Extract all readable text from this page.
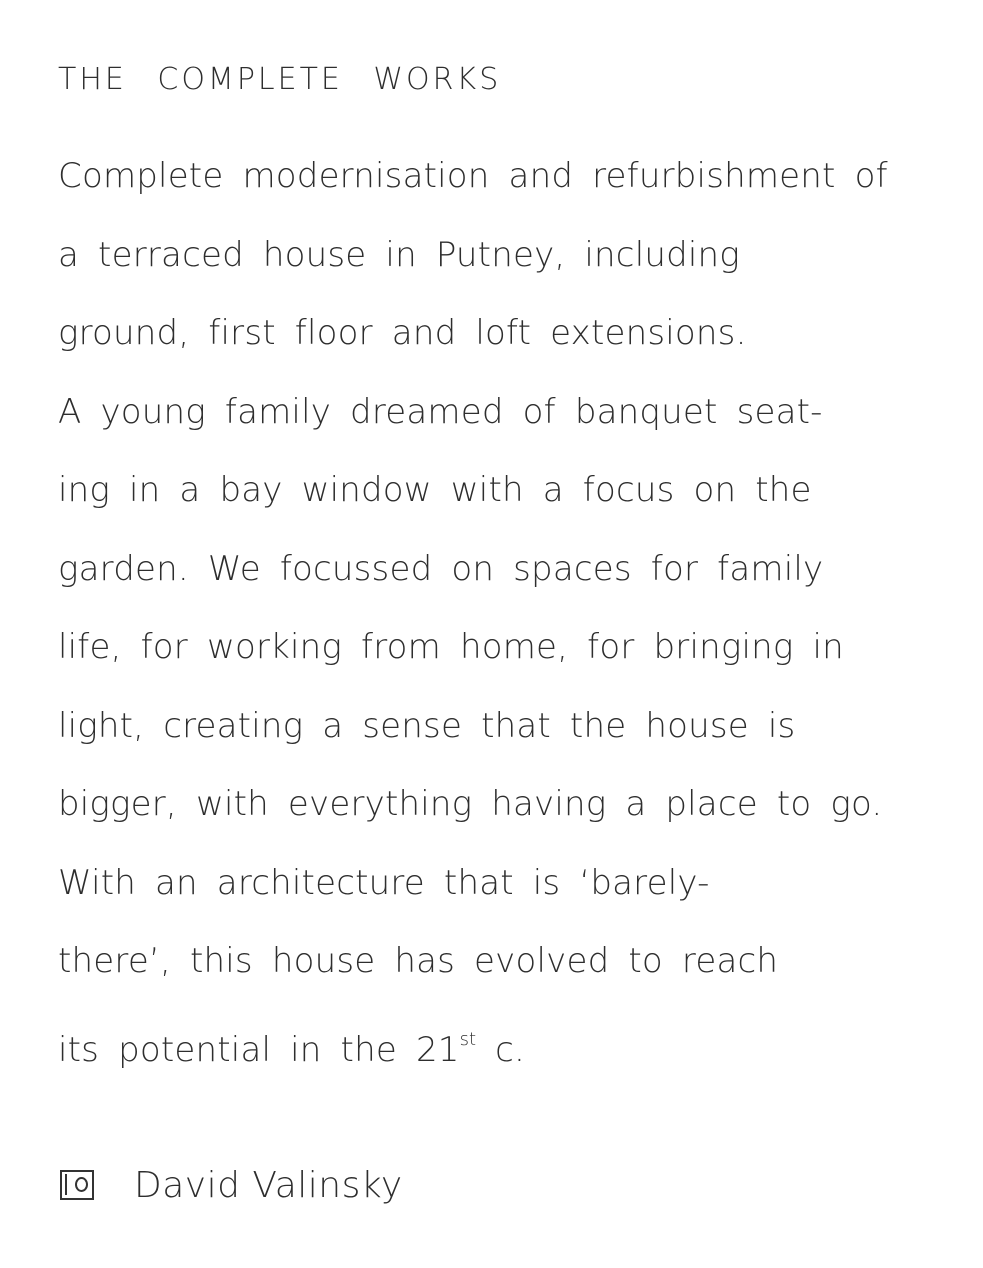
THE COMPLETE WORKS
Complete modernisation and refurbishment of
a terraced house in Putney, including
ground, first floor and loft extensions.
A young family dreamed of banquet seat-
ing in a bay window with a focus on the
garden. We focussed on spaces for family
life, for working from home, for bringing in
light, creating a sense that the house is
bigger, with everything having a place to go.
With an architecture that is ‘barely-
there’, this house has evolved to reach
its potential in the 21st c.
David Valinsky
